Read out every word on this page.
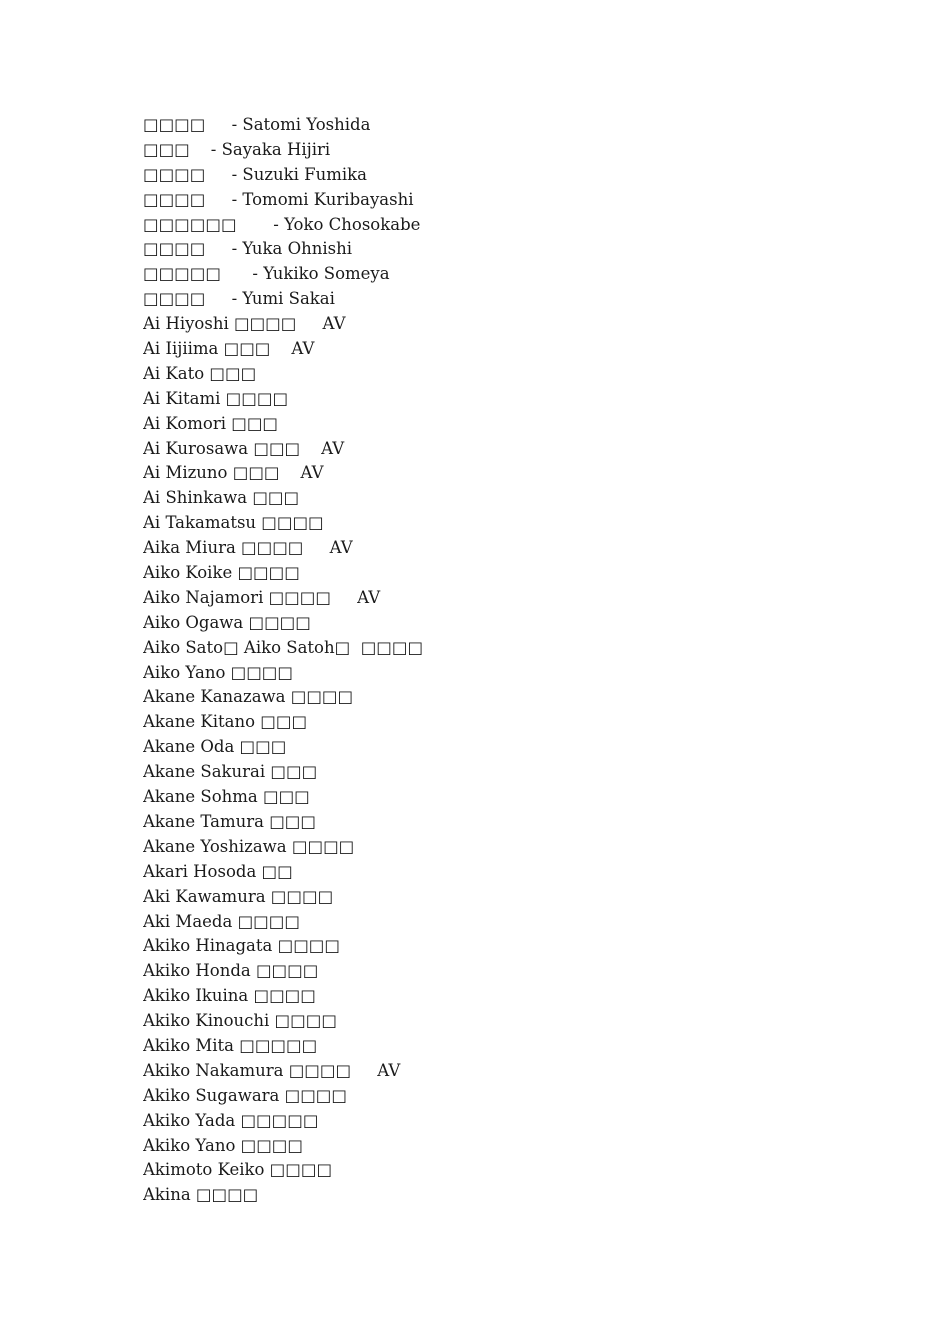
□□□□     - Satomi Yoshida
□□□    - Sayaka Hijiri
□□□□     - Suzuki Fumika
□□□□     - Tomomi Kuribayashi
□□□□□□       - Yoko Chosokabe
□□□□     - Yuka Ohnishi
□□□□□      - Yukiko Someya
□□□□     - Yumi Sakai
Ai Hiyoshi □□□□     AV
Ai Iijiima □□□    AV
Ai Kato □□□
Ai Kitami □□□□
Ai Komori □□□
Ai Kurosawa □□□    AV
Ai Mizuno □□□    AV
Ai Shinkawa □□□
Ai Takamatsu □□□□
Aika Miura □□□□     AV
Aiko Koike □□□□
Aiko Najamori □□□□     AV
Aiko Ogawa □□□□
Aiko Sato□ Aiko Satoh□  □□□□
Aiko Yano □□□□
Akane Kanazawa □□□□
Akane Kitano □□□
Akane Oda □□□
Akane Sakurai □□□
Akane Sohma □□□
Akane Tamura □□□
Akane Yoshizawa □□□□
Akari Hosoda □□
Aki Kawamura □□□□
Aki Maeda □□□□
Akiko Hinagata □□□□
Akiko Honda □□□□
Akiko Ikuina □□□□
Akiko Kinouchi □□□□
Akiko Mita □□□□□
Akiko Nakamura □□□□     AV
Akiko Sugawara □□□□
Akiko Yada □□□□□
Akiko Yano □□□□
Akimoto Keiko □□□□
Akina □□□□
